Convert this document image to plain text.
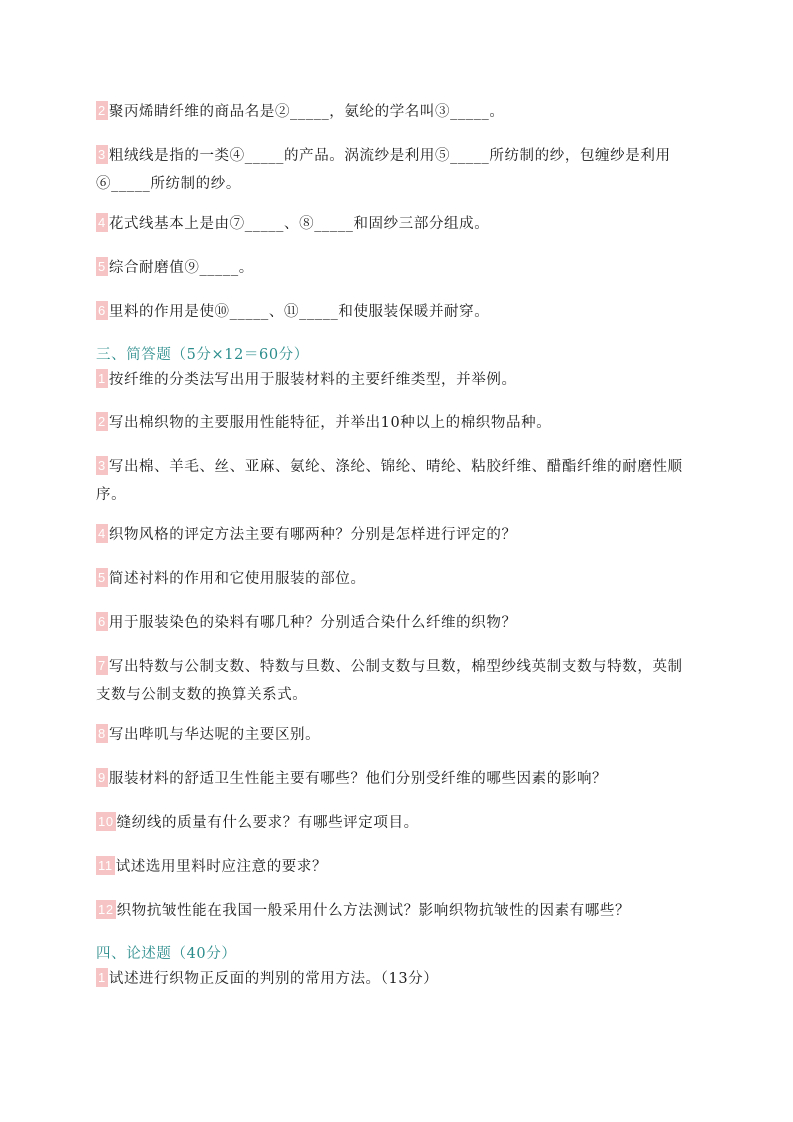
2 聚丙烯睛纤维的商品名是②_____，氨纶的学名叫③_____。

3 粗绒线是指的一类④_____的产品。涡流纱是利用⑤_____所纺制的纱，包缠纱是利用⑥_____所纺制的纱。

4 花式线基本上是由⑦_____、⑧_____和固纱三部分组成。

5 综合耐磨值⑨_____。

6 里料的作用是使⑩_____、⑪_____和使服装保暖并耐穿。

三、简答题（5分×12＝60分）

1 按纤维的分类法写出用于服装材料的主要纤维类型，并举例。

2 写出棉织物的主要服用性能特征，并举出10种以上的棉织物品种。

3 写出棉、羊毛、丝、亚麻、氨纶、涤纶、锦纶、晴纶、粘胶纤维、醋酯纤维的耐磨性顺序。

4 织物风格的评定方法主要有哪两种？分别是怎样进行评定的？

5 简述衬料的作用和它使用服装的部位。

6 用于服装染色的染料有哪几种？分别适合染什么纤维的织物？

7 写出特数与公制支数、特数与旦数、公制支数与旦数，棉型纱线英制支数与特数，英制支数与公制支数的换算关系式。

8 写出哔叽与华达呢的主要区别。

9 服装材料的舒适卫生性能主要有哪些？他们分别受纤维的哪些因素的影响？

10 缝纫线的质量有什么要求？有哪些评定项目。

11 试述选用里料时应注意的要求？

12 织物抗皱性能在我国一般采用什么方法测试？影响织物抗皱性的因素有哪些？

四、论述题（40分）

1 试述进行织物正反面的判别的常用方法。（13分）
